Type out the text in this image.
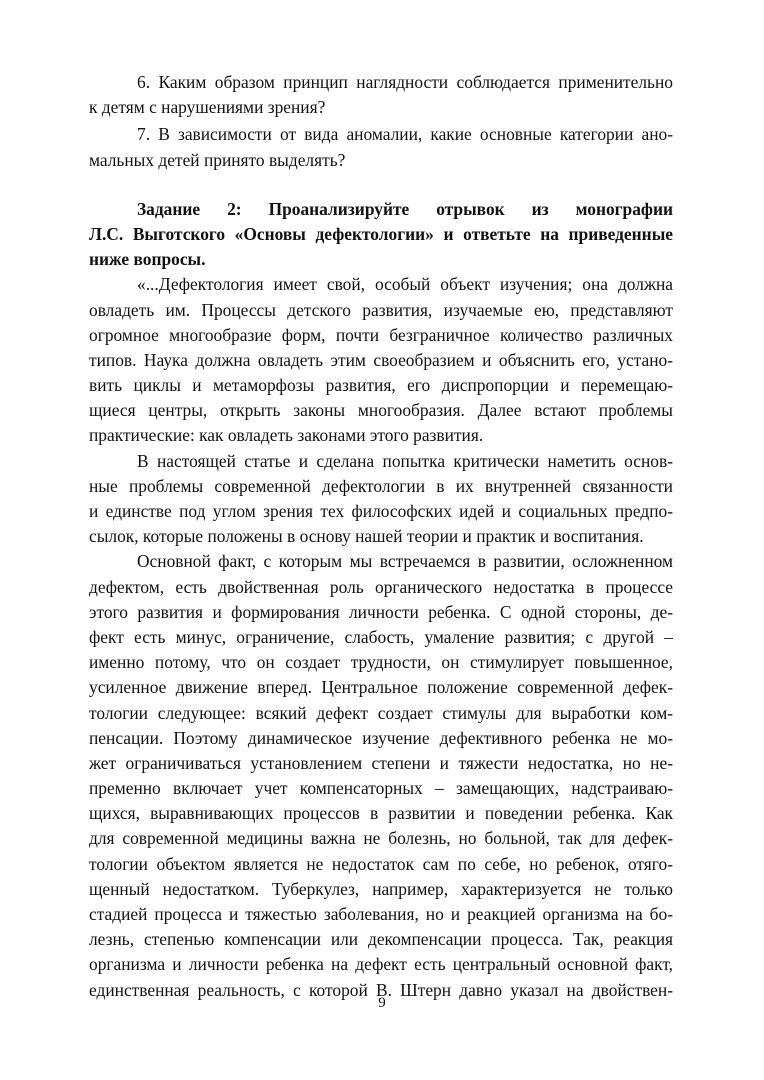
6. Каким образом принцип наглядности соблюдается применительно
к детям с нарушениями зрения?
7. В зависимости от вида аномалии, какие основные категории ано-
мальных детей принято выделять?
Задание 2: Проанализируйте отрывок из монографии
Л.С. Выготского «Основы дефектологии» и ответьте на приведенные
ниже вопросы.
«...Дефектология имеет свой, особый объект изучения; она должна
овладеть им. Процессы детского развития, изучаемые ею, представляют
огромное многообразие форм, почти безграничное количество различных
типов. Наука должна овладеть этим своеобразием и объяснить его, устано-
вить циклы и метаморфозы развития, его диспропорции и перемещаю-
щиеся центры, открыть законы многообразия. Далее встают проблемы
практические: как овладеть законами этого развития.
В настоящей статье и сделана попытка критически наметить основ-
ные проблемы современной дефектологии в их внутренней связанности
и единстве под углом зрения тех философских идей и социальных предпо-
сылок, которые положены в основу нашей теории и практик и воспитания.
Основной факт, с которым мы встречаемся в развитии, осложненном
дефектом, есть двойственная роль органического недостатка в процессе
этого развития и формирования личности ребенка. С одной стороны, де-
фект есть минус, ограничение, слабость, умаление развития; с другой –
именно потому, что он создает трудности, он стимулирует повышенное,
усиленное движение вперед. Центральное положение современной дефек-
тологии следующее: всякий дефект создает стимулы для выработки ком-
пенсации. Поэтому динамическое изучение дефективного ребенка не мо-
жет ограничиваться установлением степени и тяжести недостатка, но не-
пременно включает учет компенсаторных – замещающих, надстраиваю-
щихся, выравнивающих процессов в развитии и поведении ребенка. Как
для современной медицины важна не болезнь, но больной, так для дефек-
тологии объектом является не недостаток сам по себе, но ребенок, отяго-
щенный недостатком. Туберкулез, например, характеризуется не только
стадией процесса и тяжестью заболевания, но и реакцией организма на бо-
лезнь, степенью компенсации или декомпенсации процесса. Так, реакция
организма и личности ребенка на дефект есть центральный основной факт,
единственная реальность, с которой В. Штерн давно указал на двойствен-
9
